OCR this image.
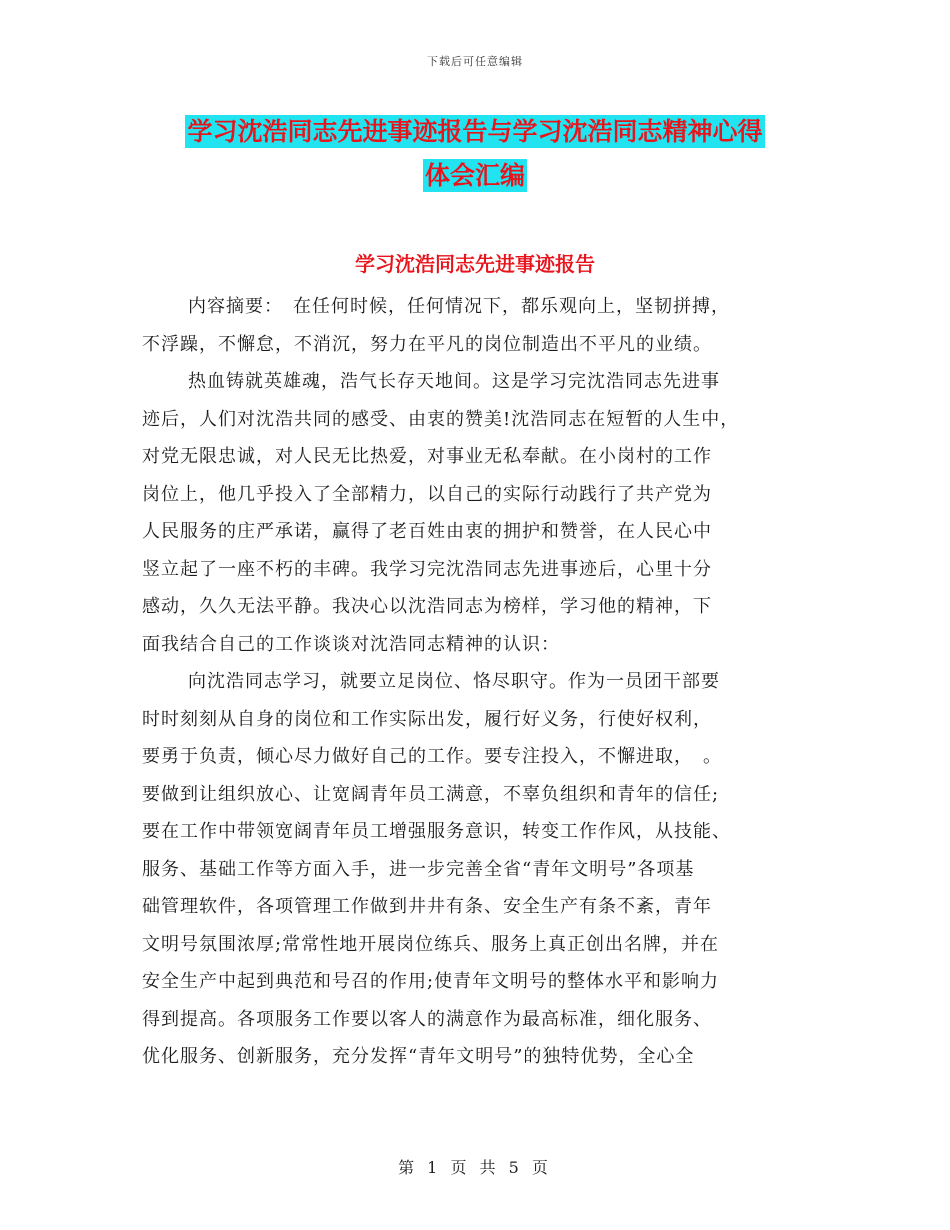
下载后可任意编辑
学习沈浩同志先进事迹报告与学习沈浩同志精神心得
体会汇编
学习沈浩同志先进事迹报告
内容摘要：　在任何时候，任何情况下，都乐观向上，坚韧拼搏，
不浮躁，不懈怠，不消沉，努力在平凡的岗位制造出不平凡的业绩。
热血铸就英雄魂，浩气长存天地间。这是学习完沈浩同志先进事
迹后，人们对沈浩共同的感受、由衷的赞美!沈浩同志在短暂的人生中，
对党无限忠诚，对人民无比热爱，对事业无私奉献。在小岗村的工作
岗位上，他几乎投入了全部精力，以自己的实际行动践行了共产党为
人民服务的庄严承诺，赢得了老百姓由衷的拥护和赞誉，在人民心中
竖立起了一座不朽的丰碑。我学习完沈浩同志先进事迹后，心里十分
感动，久久无法平静。我决心以沈浩同志为榜样，学习他的精神，下
面我结合自己的工作谈谈对沈浩同志精神的认识：
向沈浩同志学习，就要立足岗位、恪尽职守。作为一员团干部要
时时刻刻从自身的岗位和工作实际出发，履行好义务，行使好权利，
要勇于负责，倾心尽力做好自己的工作。要专注投入，不懈进取，　。
要做到让组织放心、让宽阔青年员工满意，不辜负组织和青年的信任;
要在工作中带领宽阔青年员工增强服务意识，转变工作作风，从技能、
服务、基础工作等方面入手，进一步完善全省“青年文明号”各项基
础管理软件，各项管理工作做到井井有条、安全生产有条不紊，青年
文明号氛围浓厚;常常性地开展岗位练兵、服务上真正创出名牌，并在
安全生产中起到典范和号召的作用;使青年文明号的整体水平和影响力
得到提高。各项服务工作要以客人的满意作为最高标准，细化服务、
优化服务、创新服务，充分发挥“青年文明号”的独特优势，全心全
第 1 页 共 5 页
